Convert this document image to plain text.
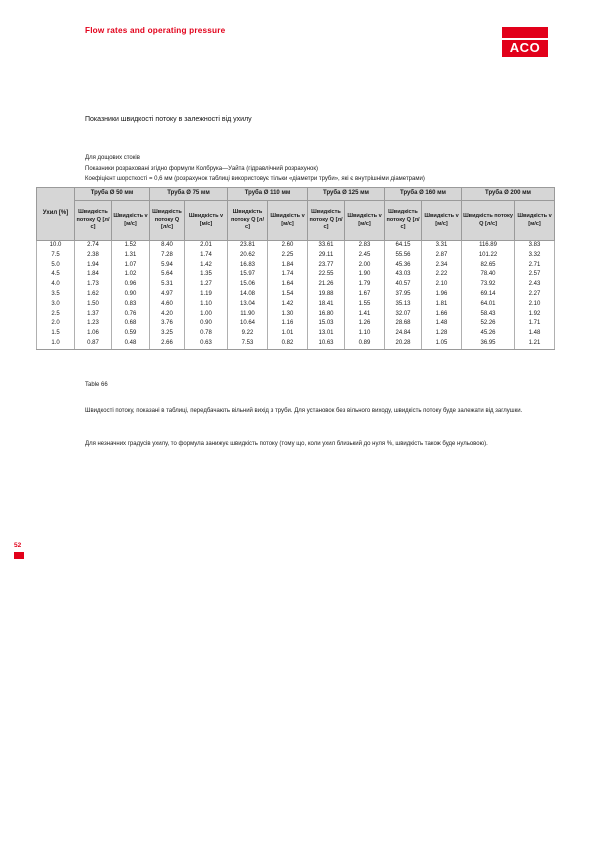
Flow rates and operating pressure
ACO
Показники швидкості потоку в залежності від ухилу
Для дощових стоків
Показники розраховані згідно формули Колбрука—Уайта (гідравлічний розрахунок)
Коефіцієнт шорсткості = 0,6 мм (розрахунок таблиці використовує тільки «діаметри труби», які є внутрішніми діаметрами)
Ухил [%]	Труба Ø 50 мм		Труба Ø 75 мм		Труба Ø 110 мм		Труба Ø 125 мм		Труба Ø 160 мм		Труба Ø 200 мм	
	Швидкість потоку Q [л/с]	Швидкість v [м/с]	Швидкість потоку Q [л/с]	Швидкість v [м/с]	Швидкість потоку Q [л/с]	Швидкість v [м/с]	Швидкість потоку Q [л/с]	Швидкість v [м/с]	Швидкість потоку Q [л/с]	Швидкість v [м/с]	Швидкість потоку Q [л/с]	Швидкість v [м/с]
10.0	2.74	1.52	8.40	2.01	23.81	2.60	33.61	2.83	64.15	3.31	116.89	3.83
7.5	2.38	1.31	7.28	1.74	20.62	2.25	29.11	2.45	55.56	2.87	101.22	3.32
5.0	1.94	1.07	5.94	1.42	16.83	1.84	23.77	2.00	45.36	2.34	82.65	2.71
4.5	1.84	1.02	5.64	1.35	15.97	1.74	22.55	1.90	43.03	2.22	78.40	2.57
4.0	1.73	0.96	5.31	1.27	15.06	1.64	21.26	1.79	40.57	2.10	73.92	2.43
3.5	1.62	0.90	4.97	1.19	14.08	1.54	19.88	1.67	37.95	1.96	69.14	2.27
3.0	1.50	0.83	4.60	1.10	13.04	1.42	18.41	1.55	35.13	1.81	64.01	2.10
2.5	1.37	0.76	4.20	1.00	11.90	1.30	16.80	1.41	32.07	1.66	58.43	1.92
2.0	1.23	0.68	3.76	0.90	10.64	1.16	15.03	1.26	28.68	1.48	52.26	1.71
1.5	1.06	0.59	3.25	0.78	9.22	1.01	13.01	1.10	24.84	1.28	45.26	1.48
1.0	0.87	0.48	2.66	0.63	7.53	0.82	10.63	0.89	20.28	1.05	36.95	1.21
Table 66
Швидкості потоку, показані в таблиці, передбачають вільний вихід з труби. Для установок без вільного виходу, швидкість потоку буде залежати від заглушки.
Для незначних градусів ухилу, то формула занижує швидкість потоку (тому що, коли ухил близький до нуля %, швидкість також буде нульовою).
52
